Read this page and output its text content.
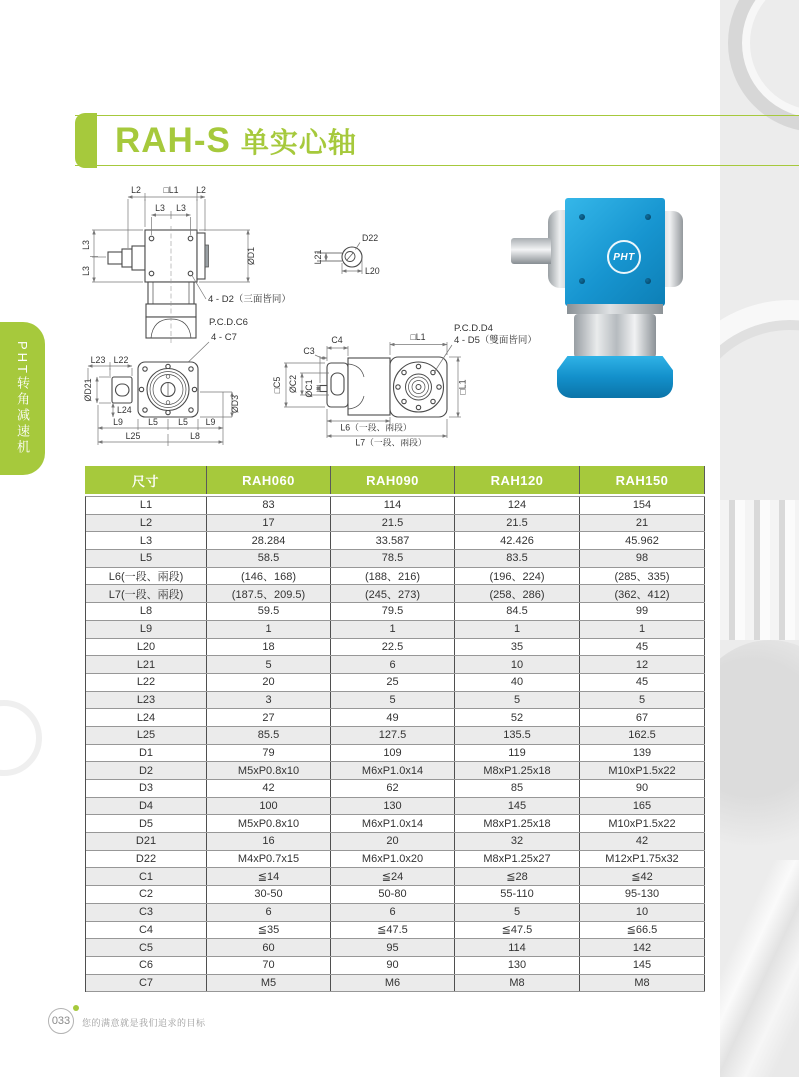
RAH-S 单实心轴
PHT转角减速机
L2	□L1 L2
L3 L3
L3
L3
ØD1
4 - D2（三面皆同）
P.C.D.C6
4 - C7
L21
D22
L20
L23 L22
ØD21
L24
L9	L5 L5 L9
L25	L8
ØD3
C4
C3
□L1
P.C.D.D4
4 - D5（雙面皆同）
□L1
□C5 ØC2 ØC1
L6（一段、兩段）
L7（一段、兩段）
PHT
尺寸	RAH060	RAH090	RAH120	RAH150
L1	83	114	124	154
L2	17	21.5	21.5	21
L3	28.284	33.587	42.426	45.962
L5	58.5	78.5	83.5	98
L6(一段、兩段)	(146、168)	(188、216)	(196、224)	(285、335)
L7(一段、兩段)	(187.5、209.5)	(245、273)	(258、286)	(362、412)
L8	59.5	79.5	84.5	99
L9	1	1	1	1
L20	18	22.5	35	45
L21	5	6	10	12
L22	20	25	40	45
L23	3	5	5	5
L24	27	49	52	67
L25	85.5	127.5	135.5	162.5
D1	79	109	119	139
D2	M5xP0.8x10	M6xP1.0x14	M8xP1.25x18	M10xP1.5x22
D3	42	62	85	90
D4	100	130	145	165
D5	M5xP0.8x10	M6xP1.0x14	M8xP1.25x18	M10xP1.5x22
D21	16	20	32	42
D22	M4xP0.7x15	M6xP1.0x20	M8xP1.25x27	M12xP1.75x32
C1	≦14	≦24	≦28	≦42
C2	30-50	50-80	55-110	95-130
C3	6	6	5	10
C4	≦35	≦47.5	≦47.5	≦66.5
C5	60	95	114	142
C6	70	90	130	145
C7	M5	M6	M8	M8
033 您的满意就是我们追求的目标
